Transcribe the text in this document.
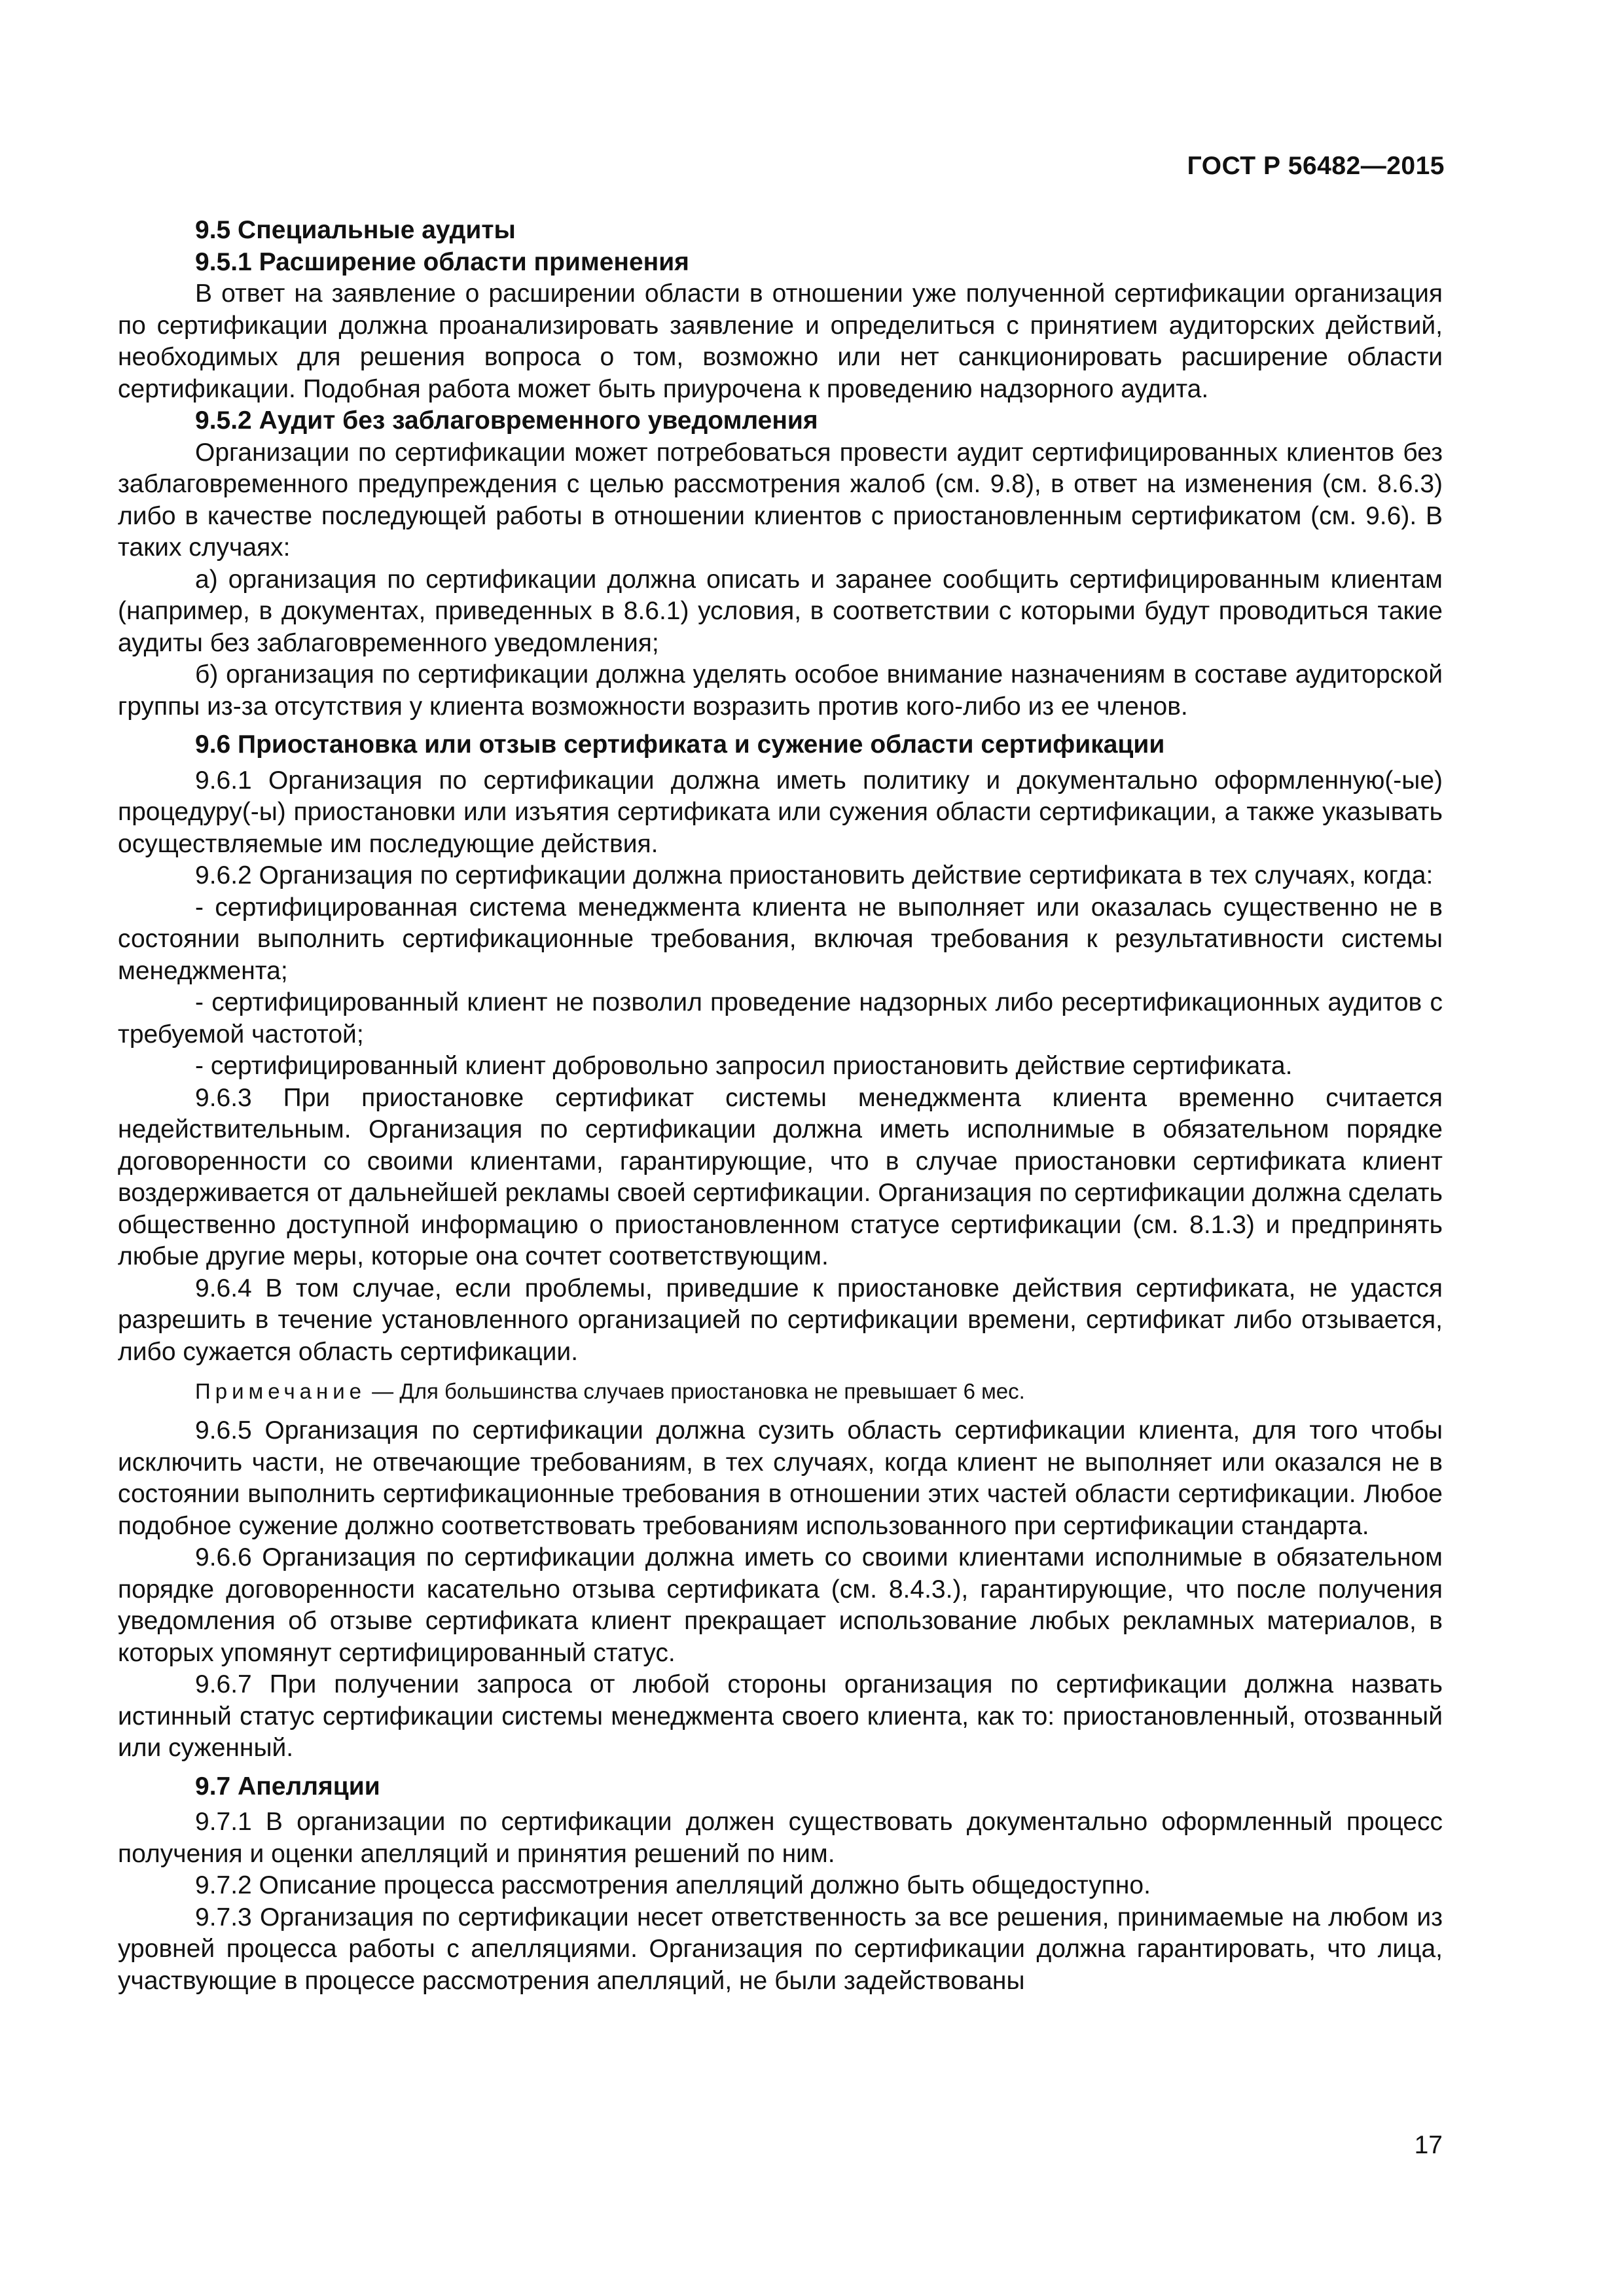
ГОСТ Р 56482—2015

9.5 Специальные аудиты

9.5.1 Расширение области применения

В ответ на заявление о расширении области в отношении уже полученной сертификации организация по сертификации должна проанализировать заявление и определиться с принятием аудиторских действий, необходимых для решения вопроса о том, возможно или нет санкционировать расширение области сертификации. Подобная работа может быть приурочена к проведению надзорного аудита.

9.5.2 Аудит без заблаговременного уведомления

Организации по сертификации может потребоваться провести аудит сертифицированных клиентов без заблаговременного предупреждения с целью рассмотрения жалоб (см. 9.8), в ответ на изменения (см. 8.6.3) либо в качестве последующей работы в отношении клиентов с приостановленным сертификатом (см. 9.6). В таких случаях:

а) организация по сертификации должна описать и заранее сообщить сертифицированным клиентам (например, в документах, приведенных в 8.6.1) условия, в соответствии с которыми будут проводиться такие аудиты без заблаговременного уведомления;

б) организация по сертификации должна уделять особое внимание назначениям в составе аудиторской группы из-за отсутствия у клиента возможности возразить против кого-либо из ее членов.

9.6 Приостановка или отзыв сертификата и сужение области сертификации

9.6.1 Организация по сертификации должна иметь политику и документально оформленную(-ые) процедуру(-ы) приостановки или изъятия сертификата или сужения области сертификации, а также указывать осуществляемые им последующие действия.

9.6.2 Организация по сертификации должна приостановить действие сертификата в тех случаях, когда:

- сертифицированная система менеджмента клиента не выполняет или оказалась существенно не в состоянии выполнить сертификационные требования, включая требования к результативности системы менеджмента;

- сертифицированный клиент не позволил проведение надзорных либо ресертификационных аудитов с требуемой частотой;

- сертифицированный клиент добровольно запросил приостановить действие сертификата.

9.6.3 При приостановке сертификат системы менеджмента клиента временно считается недействительным. Организация по сертификации должна иметь исполнимые в обязательном порядке договоренности со своими клиентами, гарантирующие, что в случае приостановки сертификата клиент воздерживается от дальнейшей рекламы своей сертификации. Организация по сертификации должна сделать общественно доступной информацию о приостановленном статусе сертификации (см. 8.1.3) и предпринять любые другие меры, которые она сочтет соответствующим.

9.6.4 В том случае, если проблемы, приведшие к приостановке действия сертификата, не удастся разрешить в течение установленного организацией по сертификации времени, сертификат либо отзывается, либо сужается область сертификации.

Примечание — Для большинства случаев приостановка не превышает 6 мес.

9.6.5 Организация по сертификации должна сузить область сертификации клиента, для того чтобы исключить части, не отвечающие требованиям, в тех случаях, когда клиент не выполняет или оказался не в состоянии выполнить сертификационные требования в отношении этих частей области сертификации. Любое подобное сужение должно соответствовать требованиям использованного при сертификации стандарта.

9.6.6 Организация по сертификации должна иметь со своими клиентами исполнимые в обязательном порядке договоренности касательно отзыва сертификата (см. 8.4.3.), гарантирующие, что после получения уведомления об отзыве сертификата клиент прекращает использование любых рекламных материалов, в которых упомянут сертифицированный статус.

9.6.7 При получении запроса от любой стороны организация по сертификации должна назвать истинный статус сертификации системы менеджмента своего клиента, как то: приостановленный, отозванный или суженный.

9.7 Апелляции

9.7.1 В организации по сертификации должен существовать документально оформленный процесс получения и оценки апелляций и принятия решений по ним.

9.7.2 Описание процесса рассмотрения апелляций должно быть общедоступно.

9.7.3 Организация по сертификации несет ответственность за все решения, принимаемые на любом из уровней процесса работы с апелляциями. Организация по сертификации должна гарантировать, что лица, участвующие в процессе рассмотрения апелляций, не были задействованы

17
